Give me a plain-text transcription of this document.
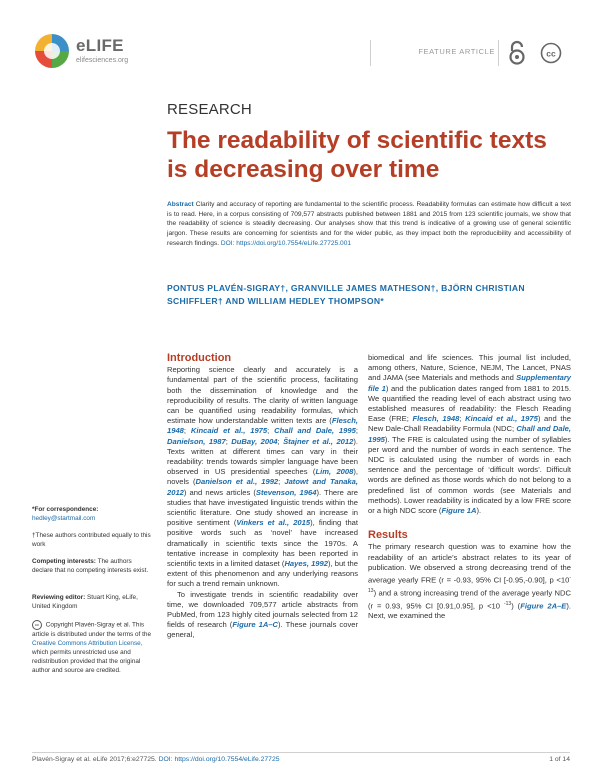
eLIFE
elifesciences.org
FEATURE ARTICLE	cc
RESEARCH
The readability of scientific texts is decreasing over time
Abstract Clarity and accuracy of reporting are fundamental to the scientific process. Readability formulas can estimate how difficult a text is to read. Here, in a corpus consisting of 709,577 abstracts published between 1881 and 2015 from 123 scientific journals, we show that the readability of science is steadily decreasing. Our analyses show that this trend is indicative of a growing use of general scientific jargon. These results are concerning for scientists and for the wider public, as they impact both the reproducibility and accessibility of research findings. DOI: https://doi.org/10.7554/eLife.27725.001
PONTUS PLAVÉN-SIGRAY†, GRANVILLE JAMES MATHESON†, BJÖRN CHRISTIAN SCHIFFLER† AND WILLIAM HEDLEY THOMPSON*
*For correspondence: hedley@startmail.com
†These authors contributed equally to this work
Competing interests: The authors declare that no competing interests exist.
Reviewing editor: Stuart King, eLife, United Kingdom
cc Copyright Plavén-Sigray et al. This article is distributed under the terms of the Creative Commons Attribution License, which permits unrestricted use and redistribution provided that the original author and source are credited.
Introduction

Reporting science clearly and accurately is a fundamental part of the scientific process, facilitating both the dissemination of knowledge and the reproducibility of results. The clarity of written language can be quantified using readability formulas, which estimate how understandable written texts are (Flesch, 1948; Kincaid et al., 1975; Chall and Dale, 1995; Danielson, 1987; DuBay, 2004; Štajner et al., 2012). Texts written at different times can vary in their readability: trends towards simpler language have been observed in US presidential speeches (Lim, 2008), novels (Danielson et al., 1992; Jatowt and Tanaka, 2012) and news articles (Stevenson, 1964). There are studies that have investigated linguistic trends within the scientific literature. One study showed an increase in positive sentiment (Vinkers et al., 2015), finding that positive words such as ‘novel’ have increased dramatically in scientific texts since the 1970s. A tentative increase in complexity has been reported in scientific texts in a limited dataset (Hayes, 1992), but the extent of this phenomenon and any underlying reasons for such a trend remain unknown.

To investigate trends in scientific readability over time, we downloaded 709,577 article abstracts from PubMed, from 123 highly cited journals selected from 12 fields of research (Figure 1A–C). These journals cover general,

biomedical and life sciences. This journal list included, among others, Nature, Science, NEJM, The Lancet, PNAS and JAMA (see Materials and methods and Supplementary file 1) and the publication dates ranged from 1881 to 2015. We quantified the reading level of each abstract using two established measures of readability: the Flesch Reading Ease (FRE; Flesch, 1948; Kincaid et al., 1975) and the New Dale-Chall Readability Formula (NDC; Chall and Dale, 1995). The FRE is calculated using the number of syllables per word and the number of words in each sentence. The NDC is calculated using the number of words in each sentence and the percentage of ‘difficult words’. Difficult words are defined as those words which do not belong to a predefined list of common words (see Materials and methods). Lower readability is indicated by a low FRE score or a high NDC score (Figure 1A).

Results

The primary research question was to examine how the readability of an article’s abstract relates to its year of publication. We observed a strong decreasing trend of the average yearly FRE (r = -0.93, 95% CI [-0.95,-0.90], $p <10^{-13}$) and a strong increasing trend of the average yearly NDC (r = 0.93, 95% CI [0.91,0.95], p <10 $^{-13}$) (Figure 2A–E). Next, we examined the

Plavén-Sigray et al. eLife 2017;6:e27725. DOI: https://doi.org/10.7554/eLife.27725	1 of 14
